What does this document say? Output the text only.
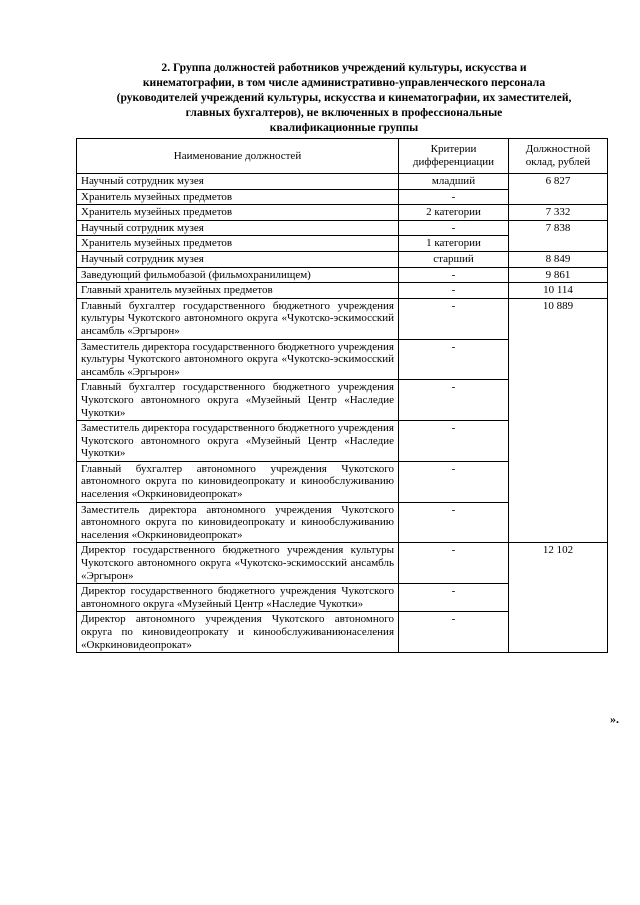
2. Группа должностей работников учреждений культуры, искусства и
кинематографии, в том числе административно-управленческого персонала
(руководителей учреждений культуры, искусства и кинематографии, их заместителей,
главных бухгалтеров), не включенных в профессиональные
квалификационные группы
Наименование должностей	Критерии дифференциации	Должностной оклад, рублей
Научный сотрудник музея	младший	6 827
Хранитель музейных предметов	-	
Хранитель музейных предметов	2 категории	7 332
Научный сотрудник музея	-	7 838
Хранитель музейных предметов	1 категории	
Научный сотрудник музея	старший	8 849
Заведующий фильмобазой (фильмохранилищем)	-	9 861
Главный хранитель музейных предметов	-	10 114
Главный бухгалтер государственного бюджетного учреждения культуры Чукотского автономного округа «Чукотско-эскимосский ансамбль «Эргырон»	-	10 889
Заместитель директора государственного бюджетного учреждения культуры Чукотского автономного округа «Чукотско-эскимосский ансамбль «Эргырон»	-	
Главный бухгалтер государственного бюджетного учреждения Чукотского автономного округа «Музейный Центр «Наследие Чукотки»	-	
Заместитель директора государственного бюджетного учреждения Чукотского автономного округа «Музейный Центр «Наследие Чукотки»	-	
Главный бухгалтер автономного учреждения Чукотского автономного округа по киновидеопрокату и кинообслуживанию населения «Окркиновидеопрокат»	-	
Заместитель директора автономного учреждения Чукотского автономного округа по киновидеопрокату и кинообслуживанию населения «Окркиновидеопрокат»	-	
Директор государственного бюджетного учреждения культуры Чукотского автономного округа «Чукотско-эскимосский ансамбль «Эргырон»	-	12 102
Директор государственного бюджетного учреждения Чукотского автономного округа «Музейный Центр «Наследие Чукотки»	-	
Директор автономного учреждения Чукотского автономного округа по киновидеопрокату и кинообслуживаниюнаселения «Окркиновидеопрокат»	-	
».
